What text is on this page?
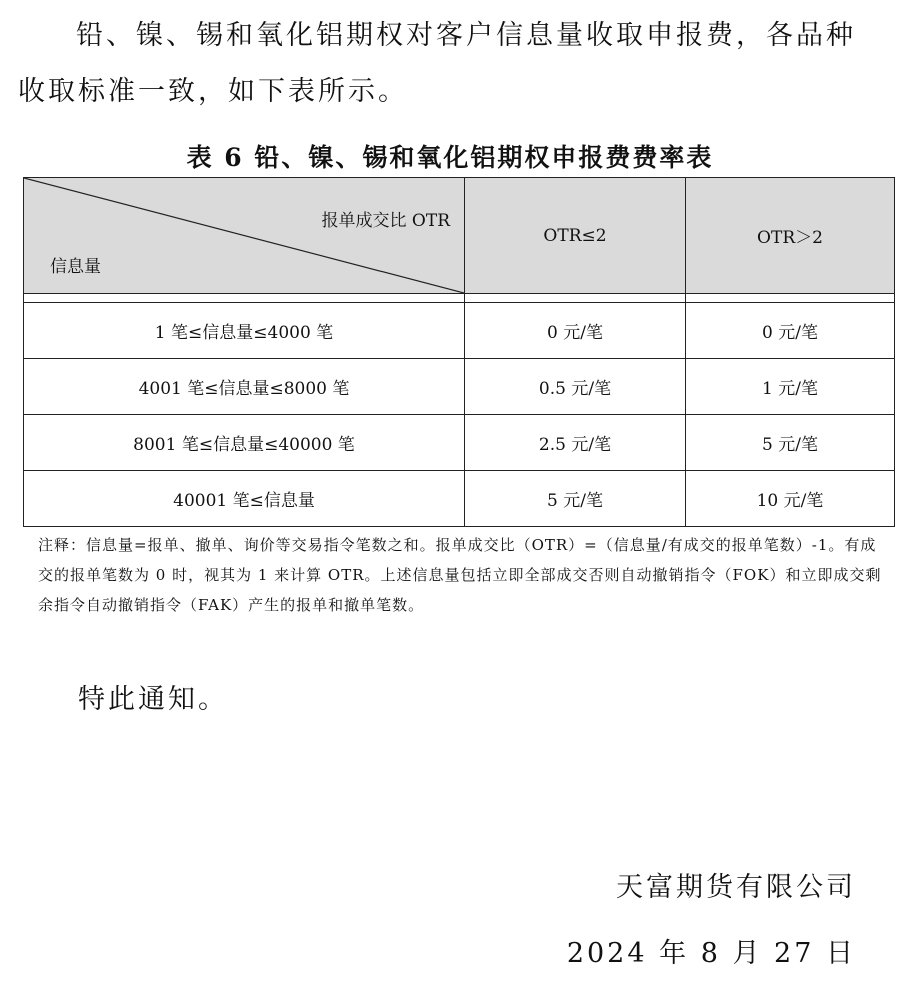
铅、镍、锡和氧化铝期权对客户信息量收取申报费，各品种收取标准一致，如下表所示。

表 6 铅、镍、锡和氧化铝期权申报费费率表

报单成交比 OTR
信息量	OTR≤2	OTR＞2

1 笔≤信息量≤4000 笔	0 元/笔	0 元/笔
4001 笔≤信息量≤8000 笔	0.5 元/笔	1 元/笔
8001 笔≤信息量≤40000 笔	2.5 元/笔	5 元/笔
40001 笔≤信息量	5 元/笔	10 元/笔

注释：信息量=报单、撤单、询价等交易指令笔数之和。报单成交比（OTR）=（信息量/有成交的报单笔数）-1。有成交的报单笔数为 0 时，视其为 1 来计算 OTR。上述信息量包括立即全部成交否则自动撤销指令（FOK）和立即成交剩余指令自动撤销指令（FAK）产生的报单和撤单笔数。

特此通知。

天富期货有限公司

2024 年 8 月 27 日
